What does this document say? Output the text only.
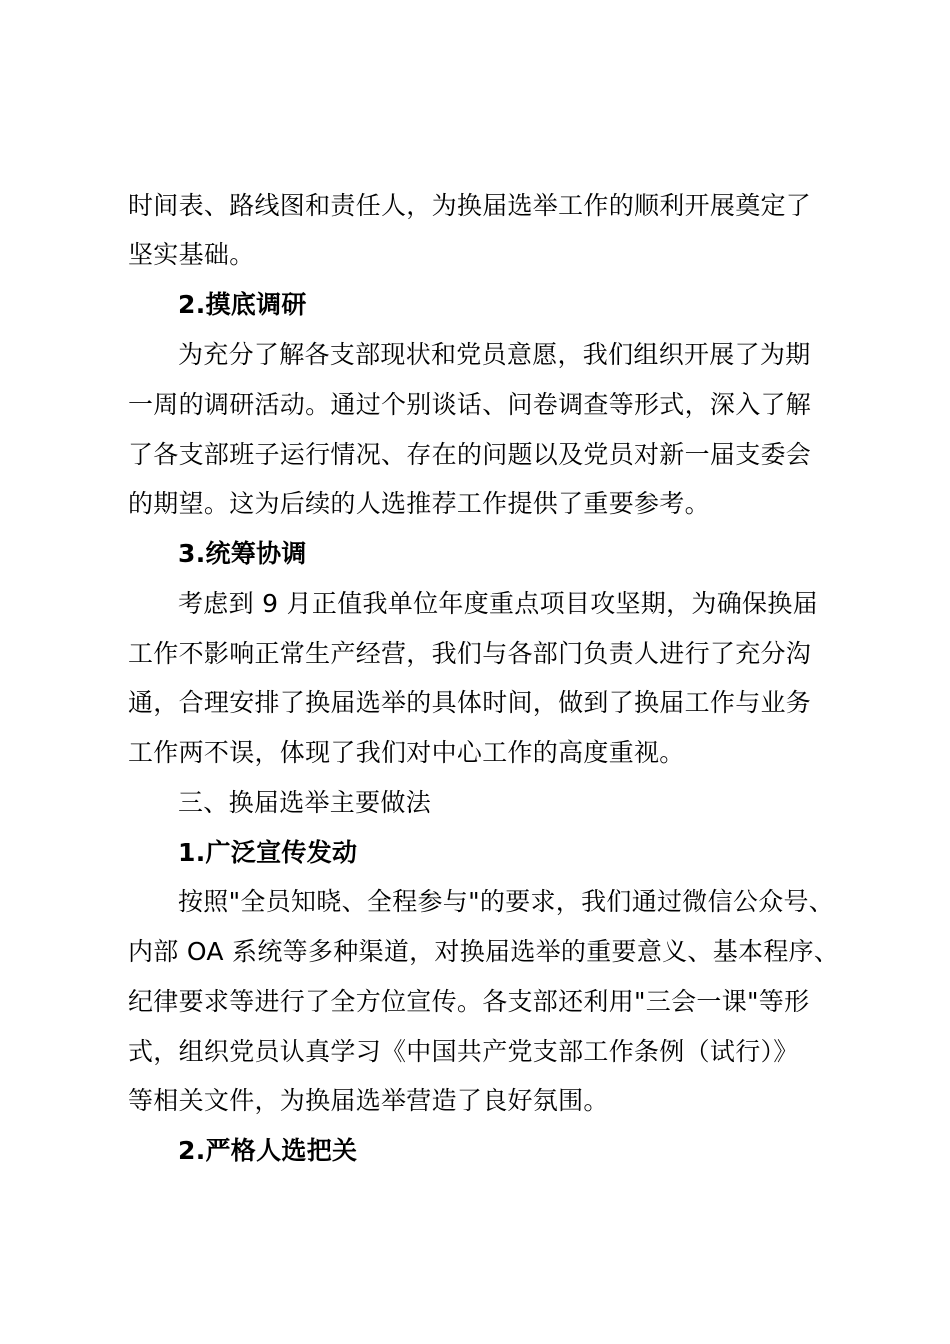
时间表、路线图和责任人，为换届选举工作的顺利开展奠定了
坚实基础。
2.摸底调研
为充分了解各支部现状和党员意愿，我们组织开展了为期
一周的调研活动。通过个别谈话、问卷调查等形式，深入了解
了各支部班子运行情况、存在的问题以及党员对新一届支委会
的期望。这为后续的人选推荐工作提供了重要参考。
3.统筹协调
考虑到 9 月正值我单位年度重点项目攻坚期，为确保换届
工作不影响正常生产经营，我们与各部门负责人进行了充分沟
通，合理安排了换届选举的具体时间，做到了换届工作与业务
工作两不误，体现了我们对中心工作的高度重视。
三、换届选举主要做法
1.广泛宣传发动
按照"全员知晓、全程参与"的要求，我们通过微信公众号、
内部 OA 系统等多种渠道，对换届选举的重要意义、基本程序、
纪律要求等进行了全方位宣传。各支部还利用"三会一课"等形
式，组织党员认真学习《中国共产党支部工作条例（试行）》
等相关文件，为换届选举营造了良好氛围。
2.严格人选把关
